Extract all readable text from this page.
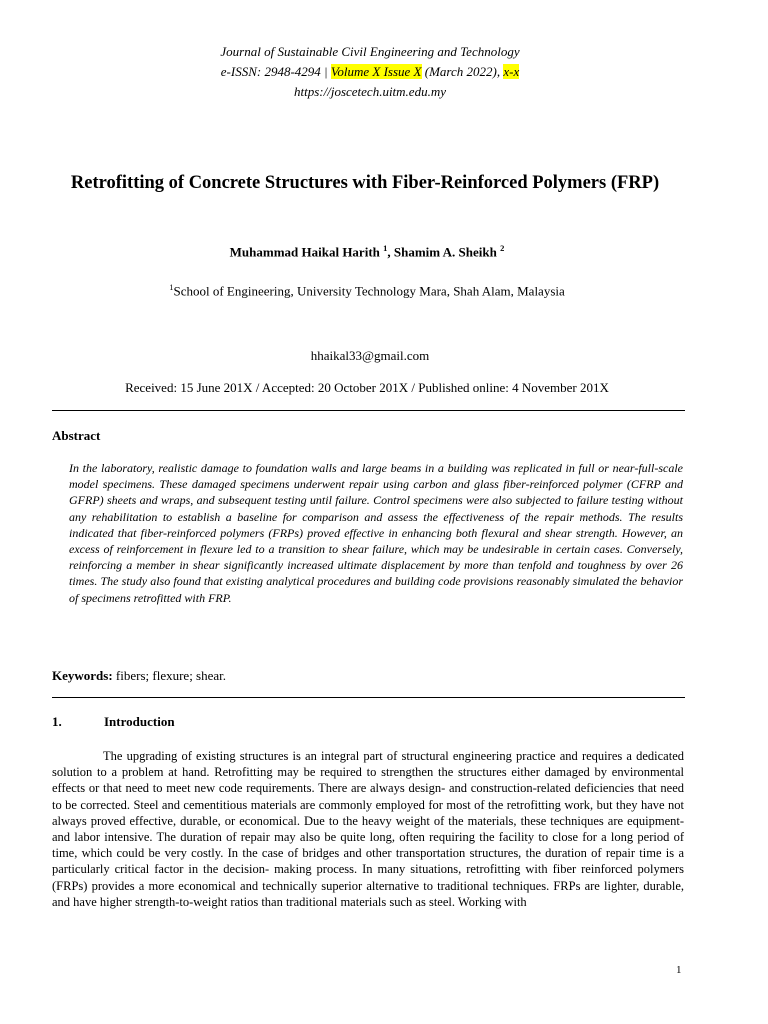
Journal of Sustainable Civil Engineering and Technology
e-ISSN: 2948-4294 | Volume X Issue X (March 2022), x-x
https://joscetech.uitm.edu.my
Retrofitting of Concrete Structures with Fiber-Reinforced Polymers (FRP)
Muhammad Haikal Harith $^1$, Shamim A. Sheikh $^2$
$^1$School of Engineering, University Technology Mara, Shah Alam, Malaysia
hhaikal33@gmail.com
Received: 15 June 201X / Accepted: 20 October 201X / Published online: 4 November 201X
Abstract
In the laboratory, realistic damage to foundation walls and large beams in a building was replicated in full or near-full-scale model specimens. These damaged specimens underwent repair using carbon and glass fiber-reinforced polymer (CFRP and GFRP) sheets and wraps, and subsequent testing until failure. Control specimens were also subjected to failure testing without any rehabilitation to establish a baseline for comparison and assess the effectiveness of the repair methods. The results indicated that fiber-reinforced polymers (FRPs) proved effective in enhancing both flexural and shear strength. However, an excess of reinforcement in flexure led to a transition to shear failure, which may be undesirable in certain cases. Conversely, reinforcing a member in shear significantly increased ultimate displacement by more than tenfold and toughness by over 26 times. The study also found that existing analytical procedures and building code provisions reasonably simulated the behavior of specimens retrofitted with FRP.
Keywords: fibers; flexure; shear.
1.	Introduction
The upgrading of existing structures is an integral part of structural engineering practice and requires a dedicated solution to a problem at hand. Retrofitting may be required to strengthen the structures either damaged by environmental effects or that need to meet new code requirements. There are always design- and construction-related deficiencies that need to be corrected. Steel and cementitious materials are commonly employed for most of the retrofitting work, but they have not always proved effective, durable, or economical. Due to the heavy weight of the materials, these techniques are equipment- and labor intensive. The duration of repair may also be quite long, often requiring the facility to close for a long period of time, which could be very costly. In the case of bridges and other transportation structures, the duration of repair time is a particularly critical factor in the decision- making process. In many situations, retrofitting with fiber reinforced polymers (FRPs) provides a more economical and technically superior alternative to traditional techniques. FRPs are lighter, durable, and have higher strength-to-weight ratios than traditional materials such as steel. Working with
1
